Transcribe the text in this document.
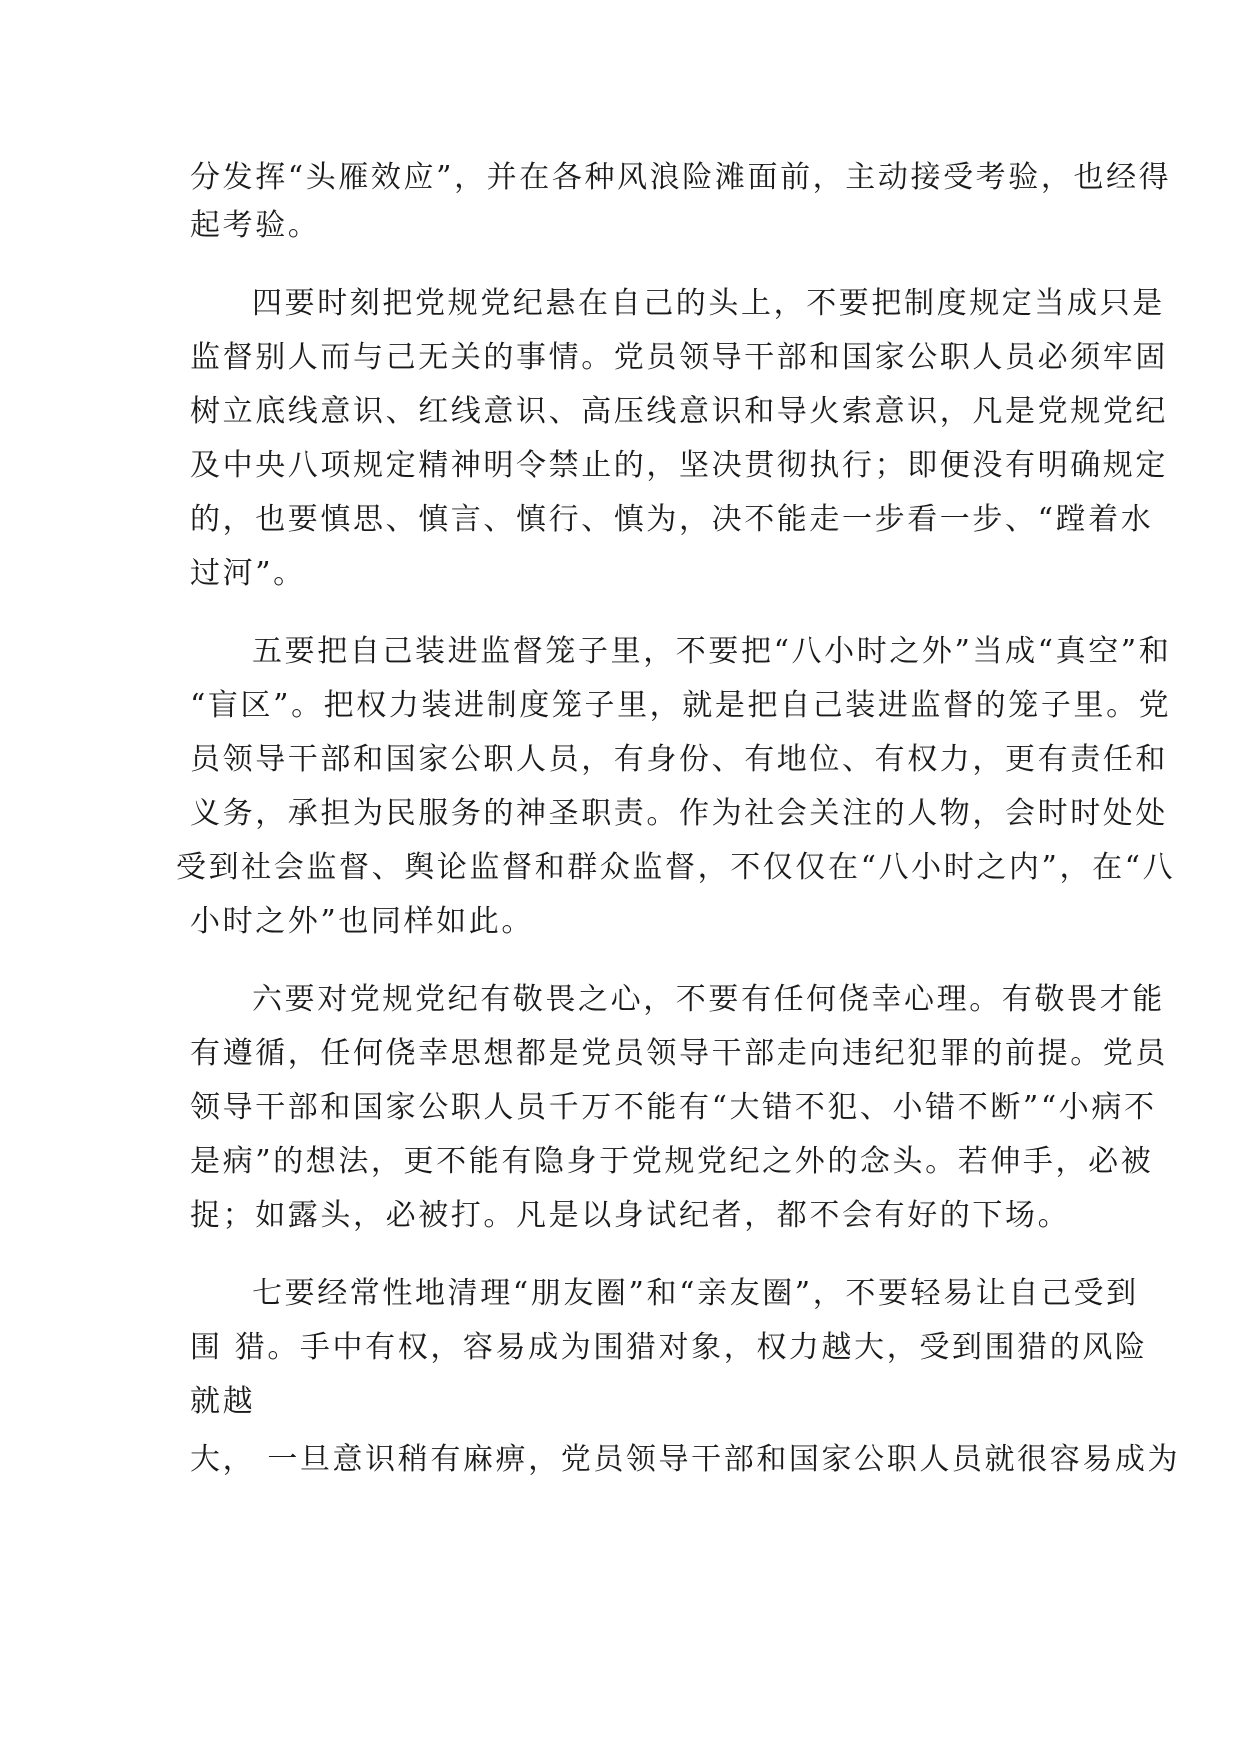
分发挥“头雁效应”，并在各种风浪险滩面前，主动接受考验，也经得
起考验。
四要时刻把党规党纪悬在自己的头上，不要把制度规定当成只是
监督别人而与己无关的事情。党员领导干部和国家公职人员必须牢固
树立底线意识、红线意识、高压线意识和导火索意识，凡是党规党纪
及中央八项规定精神明令禁止的，坚决贯彻执行；即便没有明确规定
的，也要慎思、慎言、慎行、慎为，决不能走一步看一步、“蹚着水
过河”。
五要把自己装进监督笼子里，不要把“八小时之外”当成“真空”和
“盲区”。把权力装进制度笼子里，就是把自己装进监督的笼子里。党
员领导干部和国家公职人员，有身份、有地位、有权力，更有责任和
义务，承担为民服务的神圣职责。作为社会关注的人物，会时时处处
受到社会监督、舆论监督和群众监督，不仅仅在“八小时之内”，在“八
小时之外”也同样如此。
六要对党规党纪有敬畏之心，不要有任何侥幸心理。有敬畏才能
有遵循，任何侥幸思想都是党员领导干部走向违纪犯罪的前提。党员
领导干部和国家公职人员千万不能有“大错不犯、小错不断”“小病不
是病”的想法，更不能有隐身于党规党纪之外的念头。若伸手，必被
捉；如露头，必被打。凡是以身试纪者，都不会有好的下场。
七要经常性地清理“朋友圈”和“亲友圈”，不要轻易让自己受到
围 猎。手中有权，容易成为围猎对象，权力越大，受到围猎的风险
就越
大， 一旦意识稍有麻痹，党员领导干部和国家公职人员就很容易成为
